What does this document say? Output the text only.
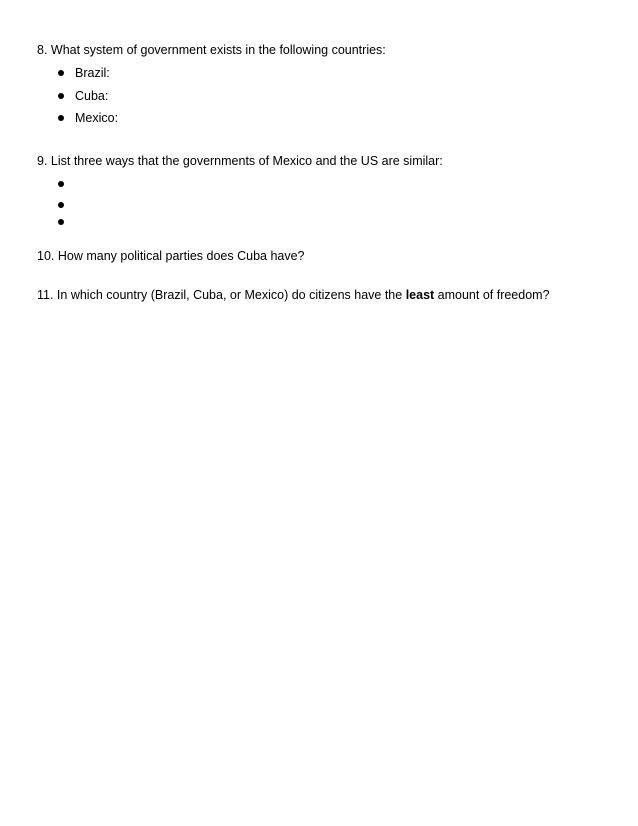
8. What system of government exists in the following countries:
Brazil:
Cuba:
Mexico:
9. List three ways that the governments of Mexico and the US are similar:
10. How many political parties does Cuba have?
11. In which country (Brazil, Cuba, or Mexico) do citizens have the least amount of freedom?
